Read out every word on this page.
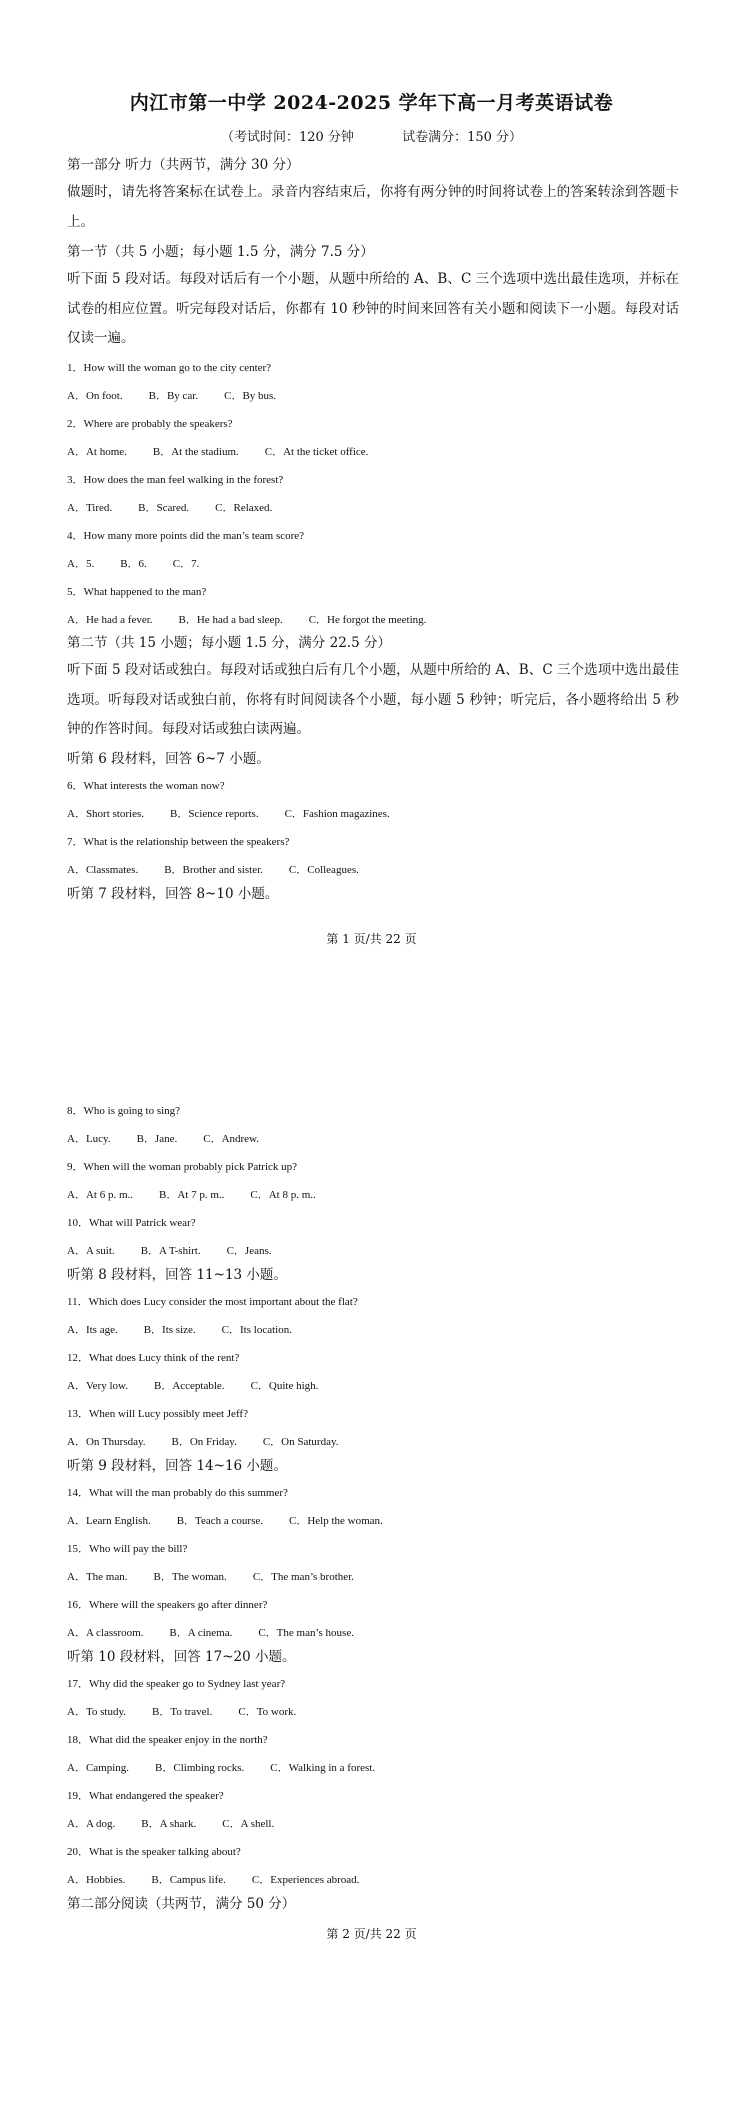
内江市第一中学 2024-2025 学年下高一月考英语试卷
（考试时间：120 分钟	试卷满分：150 分）
第一部分 听力（共两节，满分 30 分）
做题时，请先将答案标在试卷上。录音内容结束后，你将有两分钟的时间将试卷上的答案转涂到答题卡上。
第一节（共 5 小题；每小题 1.5 分，满分 7.5 分）
听下面 5 段对话。每段对话后有一个小题，从题中所给的 A、B、C 三个选项中选出最佳选项，并标在试卷的相应位置。听完每段对话后，你都有 10 秒钟的时间来回答有关小题和阅读下一小题。每段对话仅读一遍。
1．How will the woman go to the city center?
A．On foot. B．By car. C．By bus.
2．Where are probably the speakers?
A．At home. B．At the stadium. C．At the ticket office.
3．How does the man feel walking in the forest?
A．Tired. B．Scared. C．Relaxed.
4．How many more points did the man’s team score?
A．5. B．6. C．7.
5．What happened to the man?
A．He had a fever. B．He had a bad sleep. C．He forgot the meeting.
第二节（共 15 小题；每小题 1.5 分，满分 22.5 分）
听下面 5 段对话或独白。每段对话或独白后有几个小题，从题中所给的 A、B、C 三个选项中选出最佳选项。听每段对话或独白前，你将有时间阅读各个小题，每小题 5 秒钟；听完后，各小题将给出 5 秒钟的作答时间。每段对话或独白读两遍。
听第 6 段材料，回答 6~7 小题。
6．What interests the woman now?
A．Short stories. B．Science reports. C．Fashion magazines.
7．What is the relationship between the speakers?
A．Classmates. B．Brother and sister. C．Colleagues.
听第 7 段材料，回答 8~10 小题。
第 1 页/共 22 页
8．Who is going to sing?
A．Lucy. B．Jane. C．Andrew.
9．When will the woman probably pick Patrick up?
A．At 6 p. m.. B．At 7 p. m.. C．At 8 p. m..
10．What will Patrick wear?
A．A suit. B．A T-shirt. C．Jeans.
听第 8 段材料，回答 11~13 小题。
11．Which does Lucy consider the most important about the flat?
A．Its age. B．Its size. C．Its location.
12．What does Lucy think of the rent?
A．Very low. B．Acceptable. C．Quite high.
13．When will Lucy possibly meet Jeff?
A．On Thursday. B．On Friday. C．On Saturday.
听第 9 段材料，回答 14~16 小题。
14．What will the man probably do this summer?
A．Learn English. B．Teach a course. C．Help the woman.
15．Who will pay the bill?
A．The man. B．The woman. C．The man’s brother.
16．Where will the speakers go after dinner?
A．A classroom. B．A cinema. C．The man’s house.
听第 10 段材料，回答 17~20 小题。
17．Why did the speaker go to Sydney last year?
A．To study. B．To travel. C．To work.
18．What did the speaker enjoy in the north?
A．Camping. B．Climbing rocks. C．Walking in a forest.
19．What endangered the speaker?
A．A dog. B．A shark. C．A shell.
20．What is the speaker talking about?
A．Hobbies. B．Campus life. C．Experiences abroad.
第二部分阅读（共两节，满分 50 分）
第 2 页/共 22 页
